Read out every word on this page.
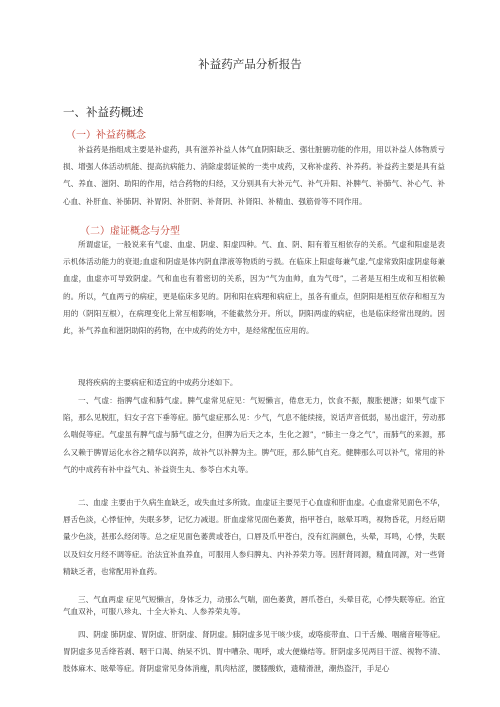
补益药产品分析报告
一、补益药概述
（一）补益药概念

补益药是指组成主要是补虚药，具有滋养补益人体气血阴阳缺乏、强壮脏腑功能的作用，用以补益人体物质亏损、增强人体活动机能、提高抗病能力、消除虚弱证候的一类中成药，又称补虚药、补养药。补益药主要是具有益气、养血、滋阴、助阳的作用，结合药物的归经，又分别具有大补元气、补气升阳、补脾气、补肺气、补心气、补心血、补肝血、补肺阴、补胃阴、补肝阴、补肾阴、补肾阳、补精血、强筋骨等不同作用。

（二）虚证概念与分型

所谓虚证，一般说来有气虚、血虚、阴虚、阳虚四种。气、血、阴、阳有着互相依存的关系。气虚和阳虚是表示机体活动能力的衰退;血虚和阴虚是体内阴血津液等物质的亏损。在临床上阳虚每兼气虚,气虚常致阳虚阴虚每兼血虚，血虚亦可导致阴虚。气和血也有着密切的关系，因为“气为血帅，血为气母”，二者是互相生成和互相依赖的。所以，气血两亏的病症，更是临床多见的。阴和阳在病理和病症上，虽各有重点，但阴阳是相互依存和相互为用的（阴阳互根），在病理变化上常互相影响，不能截然分开。所以，阴阳两虚的病症，也是临床经常出现的。因此，补气养血和滋阴助阳的药物，在中成药的处方中，是经常配伍应用的。

现将疾病的主要病症和适宜的中成药分述如下。

一、气虚：指脾气虚和肺气虚。脾气虚常见症见：气短懒言，倦怠无力，饮食不振，腹胀便溏；如果气虚下陷，那么见脱肛，妇女子宫下垂等症。肺气虚症那么见：少气，气息不能续接，说话声音低弱，易出虚汗，劳动那么喘促等症。气虚虽有脾气虚与肺气虚之分，但脾为后天之本，生化之源”，“肺主一身之气”，而肺气的来源，那么又赖于脾胃运化水谷之精华以润养，故补气以补脾为主。脾气旺，那么肺气自充。健脾那么可以补气，常用的补气的中成药有补中益气丸、补益资生丸、参苓白术丸等。

二、血虚 主要由于久病生血缺乏，或失血过多所致。血虚证主要见于心血虚和肝血虚。心血虚常见面色不华，唇舌色淡，心悸怔忡，失眠多梦，记忆力减退。肝血虚常见面色萎黄，指甲苍白，眩晕耳鸣，视物昏花，月经后期量少色淡，甚那么经闭等。总之症见面色萎黄或苍白，口唇及爪甲苍白，没有红润颜色，头晕，耳鸣，心悸，失眠以及妇女月经不调等症。治法宜补血养血，可服用人参归脾丸、内补养荣力等。因肝肾同源，精血同源，对一些肾精缺乏者，也常配用补血药。

三、气血两虚 症见气短懒言，身体乏力，动那么气喘，面色萎黄，唇爪苍白，头晕目花，心悸失眠等症。治宜气血双补，可服八珍丸、十全大补丸、人参养荣丸等。

四、阴虚 肺阴虚、胃阴虚、肝阴虚、肾阴虚。肺阴虚多见干咳少痰，或咯痰带血、口干舌燥、咽痛音哑等症。胃阴虚多见舌绛苔剥、咽干口渴、纳呆不饥、胃中嘈杂、呃呼，或大便燥结等。肝阴虚多见两目干涩、视物不清、肢体麻木、眩晕等症。肾阴虚常见身体消瘦，肌肉枯涩，腰膝酸软，遗精滑泄，潮热盗汗，手足心
